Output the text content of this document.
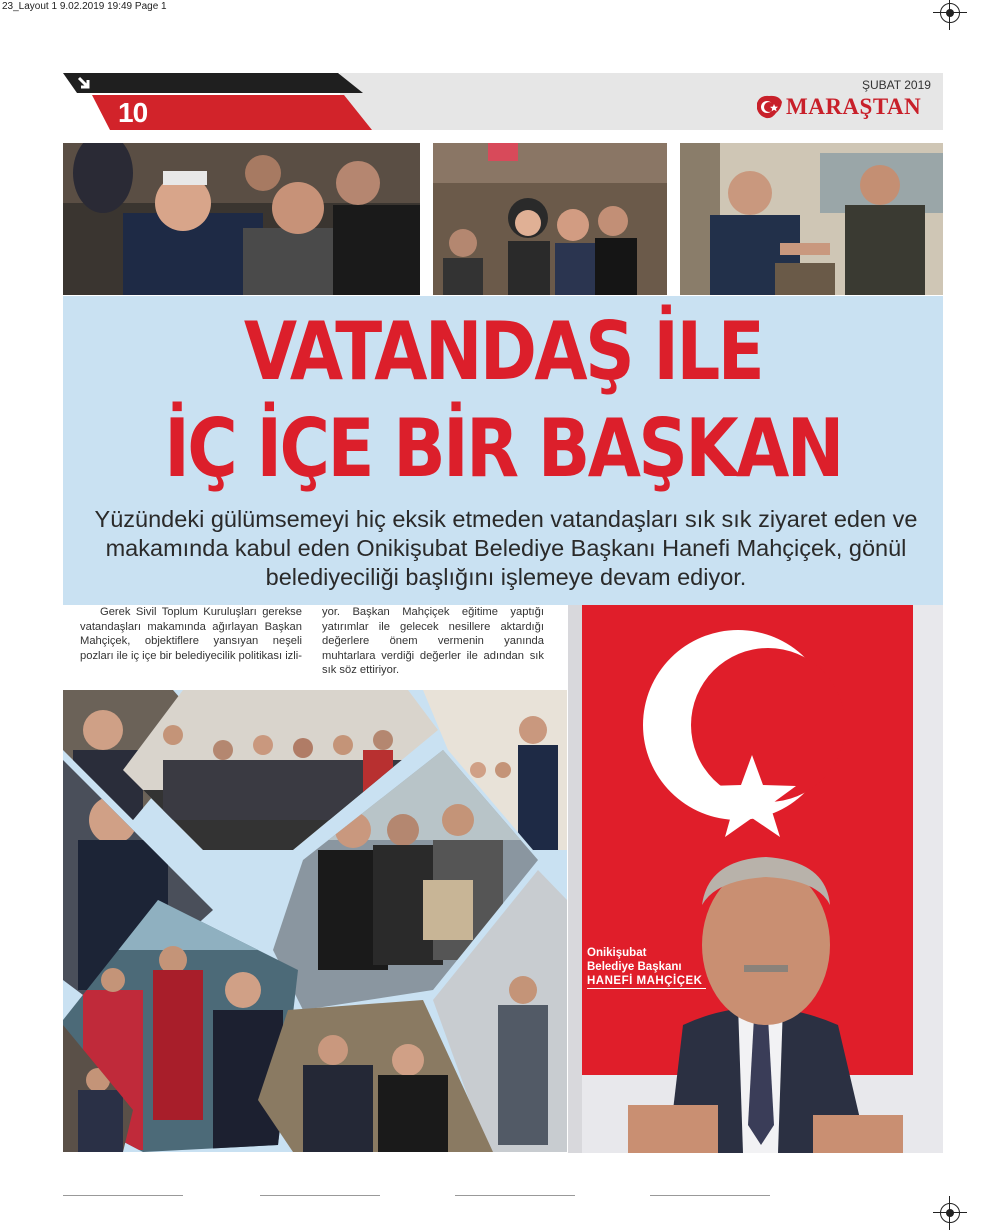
23_Layout 1 9.02.2019 19:49 Page 1
10
ŞUBAT 2019
MARAŞTAN
VATANDAŞ İLE
İÇ İÇE BİR BAŞKAN
Yüzündeki gülümsemeyi hiç eksik etmeden vatandaşları sık sık ziyaret eden ve makamında kabul eden Onikişubat Belediye Başkanı Hanefi Mahçiçek, gönül belediyeciliği başlığını işlemeye devam ediyor.
Gerek Sivil Toplum Kuruluşları gerekse vatandaşları makamında ağırlayan Başkan Mahçiçek, objektiflere yansıyan neşeli pozları ile iç içe bir belediyecilik politikası izli-
yor. Başkan Mahçiçek eğitime yaptığı yatırımlar ile gelecek nesillere aktardığı değerlere önem vermenin yanında muhtarlara verdiği değerler ile adından sık sık söz ettiriyor.
Onikişubat
Belediye Başkanı
HANEFİ MAHÇİÇEK
